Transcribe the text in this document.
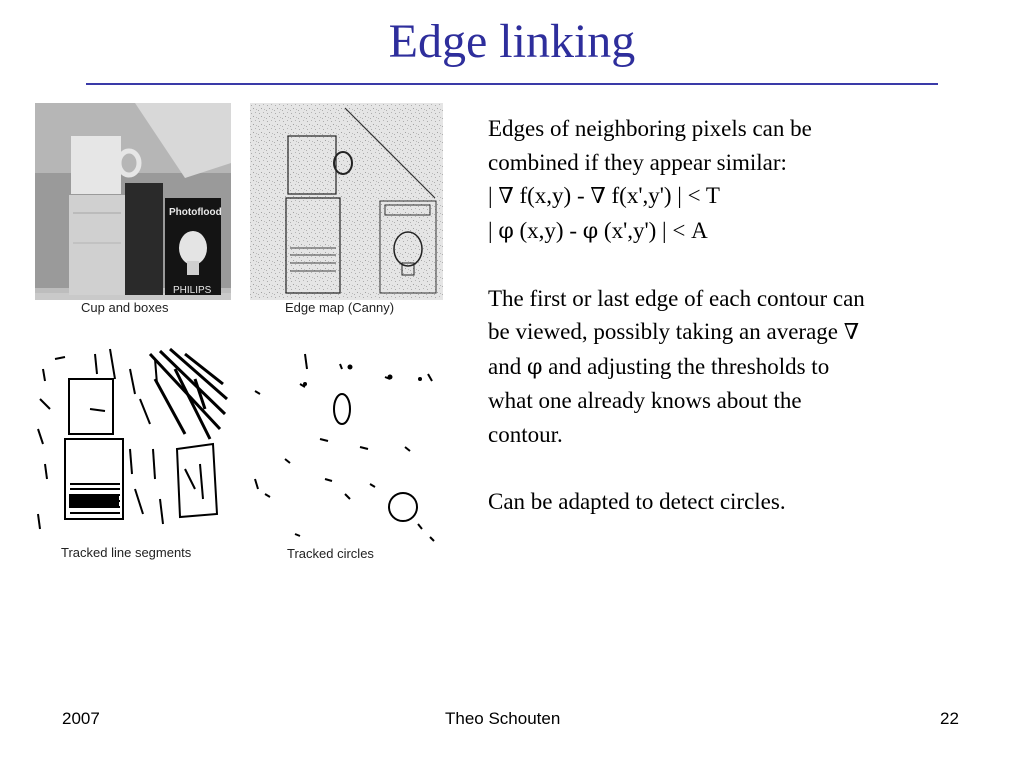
Edge linking
Photoflood
PHILIPS
Cup and boxes	Edge map (Canny)
Tracked line segments	Tracked circles

Edges of neighboring pixels can be

combined if they appear similar:

| ∇ f(x,y) - ∇ f(x',y') | < T

| φ (x,y) - φ (x',y') | < A

The first or last edge of each contour can

be viewed, possibly taking an average ∇

and φ and adjusting the thresholds to

what one already knows about the

contour.

Can be adapted to detect circles.

2007	Theo Schouten	22
